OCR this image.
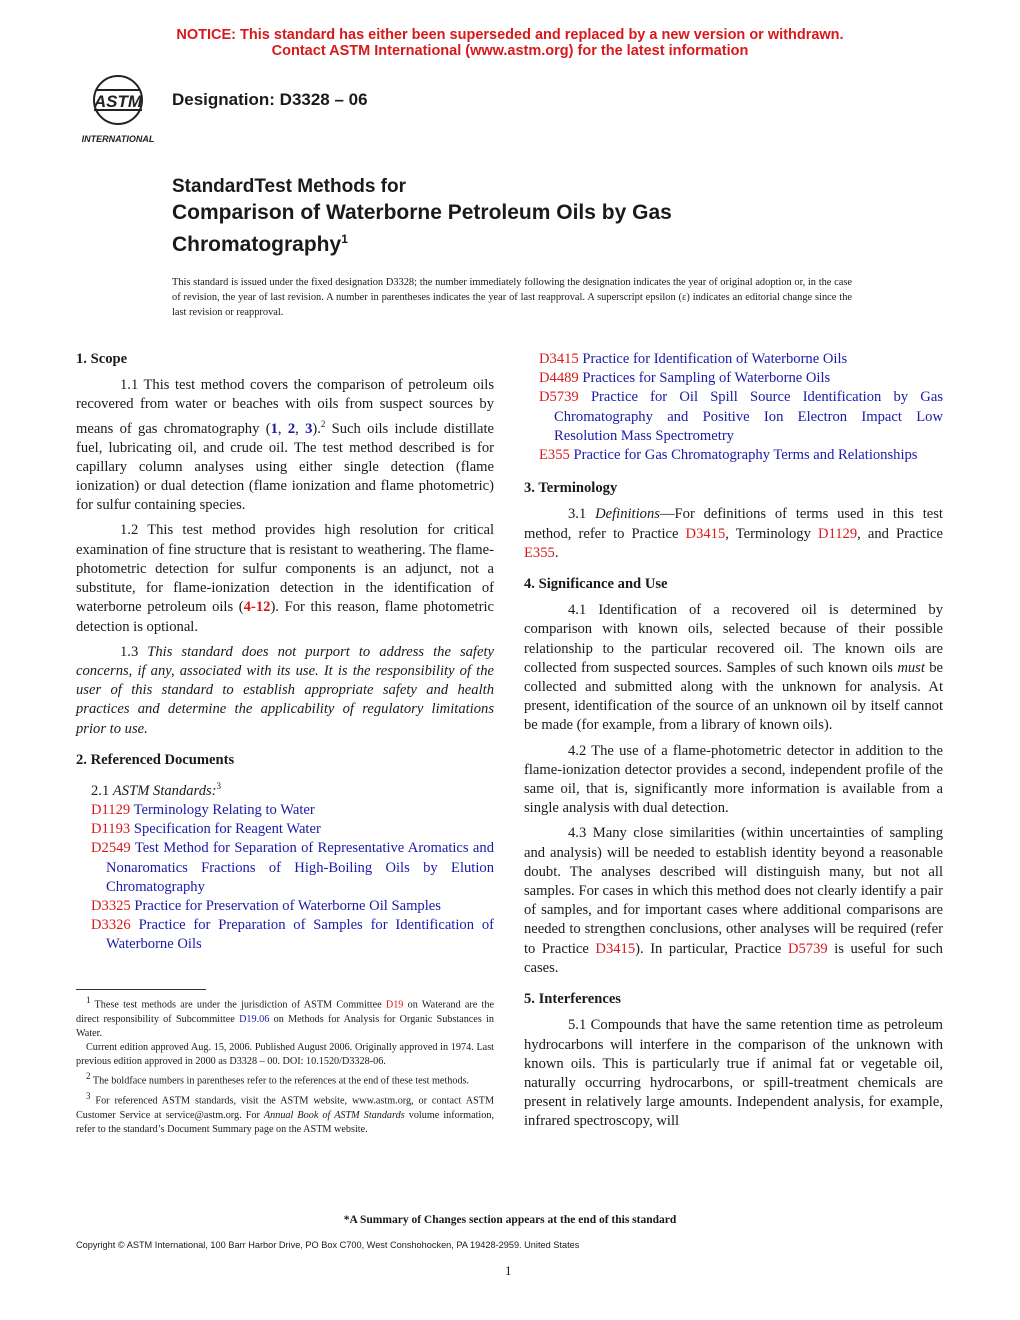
NOTICE: This standard has either been superseded and replaced by a new version or withdrawn.
Contact ASTM International (www.astm.org) for the latest information
ASTM
INTERNATIONAL
Designation: D3328 – 06
StandardTest Methods for
Comparison of Waterborne Petroleum Oils by Gas
Chromatography$^1$
This standard is issued under the fixed designation D3328; the number immediately following the designation indicates the year of original adoption or, in the case of revision, the year of last revision. A number in parentheses indicates the year of last reapproval. A superscript epsilon (ε) indicates an editorial change since the last revision or reapproval.
1. Scope

1.1 This test method covers the comparison of petroleum oils recovered from water or beaches with oils from suspect sources by means of gas chromatography (1, 2, 3).$^2$ Such oils include distillate fuel, lubricating oil, and crude oil. The test method described is for capillary column analyses using either single detection (flame ionization) or dual detection (flame ionization and flame photometric) for sulfur containing species.

1.2 This test method provides high resolution for critical examination of fine structure that is resistant to weathering. The flame-photometric detection for sulfur components is an adjunct, not a substitute, for flame-ionization detection in the identification of waterborne petroleum oils (4-12). For this reason, flame photometric detection is optional.

1.3 This standard does not purport to address the safety concerns, if any, associated with its use. It is the responsibility of the user of this standard to establish appropriate safety and health practices and determine the applicability of regulatory limitations prior to use.

2. Referenced Documents

2.1 ASTM Standards:$^3$

D1129 Terminology Relating to Water

D1193 Specification for Reagent Water

D2549 Test Method for Separation of Representative Aromatics and Nonaromatics Fractions of High-Boiling Oils by Elution Chromatography

D3325 Practice for Preservation of Waterborne Oil Samples

D3326 Practice for Preparation of Samples for Identification of Waterborne Oils

$^1$ These test methods are under the jurisdiction of ASTM Committee D19 on Waterand are the direct responsibility of Subcommittee D19.06 on Methods for Analysis for Organic Substances in Water.

Current edition approved Aug. 15, 2006. Published August 2006. Originally approved in 1974. Last previous edition approved in 2000 as D3328 – 00. DOI: 10.1520/D3328-06.

$^2$ The boldface numbers in parentheses refer to the references at the end of these test methods.

$^3$ For referenced ASTM standards, visit the ASTM website, www.astm.org, or contact ASTM Customer Service at service@astm.org. For Annual Book of ASTM Standards volume information, refer to the standard’s Document Summary page on the ASTM website.

D3415 Practice for Identification of Waterborne Oils

D4489 Practices for Sampling of Waterborne Oils

D5739 Practice for Oil Spill Source Identification by Gas Chromatography and Positive Ion Electron Impact Low Resolution Mass Spectrometry

E355 Practice for Gas Chromatography Terms and Relationships

3. Terminology

3.1 Definitions—For definitions of terms used in this test method, refer to Practice D3415, Terminology D1129, and Practice E355.

4. Significance and Use

4.1 Identification of a recovered oil is determined by comparison with known oils, selected because of their possible relationship to the particular recovered oil. The known oils are collected from suspected sources. Samples of such known oils must be collected and submitted along with the unknown for analysis. At present, identification of the source of an unknown oil by itself cannot be made (for example, from a library of known oils).

4.2 The use of a flame-photometric detector in addition to the flame-ionization detector provides a second, independent profile of the same oil, that is, significantly more information is available from a single analysis with dual detection.

4.3 Many close similarities (within uncertainties of sampling and analysis) will be needed to establish identity beyond a reasonable doubt. The analyses described will distinguish many, but not all samples. For cases in which this method does not clearly identify a pair of samples, and for important cases where additional comparisons are needed to strengthen conclusions, other analyses will be required (refer to Practice D3415). In particular, Practice D5739 is useful for such cases.

5. Interferences

5.1 Compounds that have the same retention time as petroleum hydrocarbons will interfere in the comparison of the unknown with known oils. This is particularly true if animal fat or vegetable oil, naturally occurring hydrocarbons, or spill-treatment chemicals are present in relatively large amounts. Independent analysis, for example, infrared spectroscopy, will

*A Summary of Changes section appears at the end of this standard
Copyright © ASTM International, 100 Barr Harbor Drive, PO Box C700, West Conshohocken, PA 19428-2959. United States
1
